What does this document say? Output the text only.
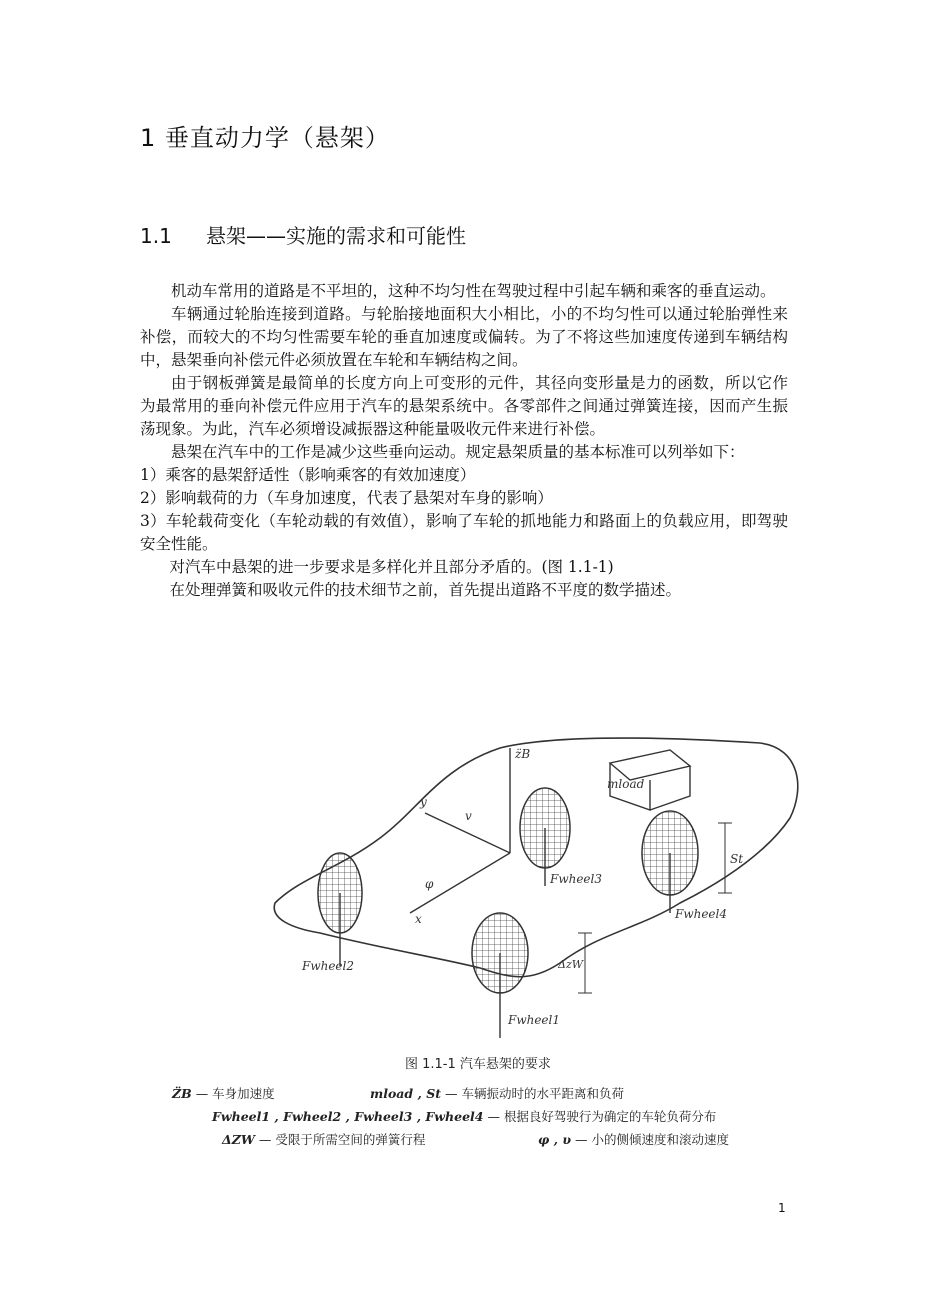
1 垂直动力学（悬架）
1.1 悬架——实施的需求和可能性

机动车常用的道路是不平坦的，这种不均匀性在驾驶过程中引起车辆和乘客的垂直运动。

车辆通过轮胎连接到道路。与轮胎接地面积大小相比，小的不均匀性可以通过轮胎弹性来补偿，而较大的不均匀性需要车轮的垂直加速度或偏转。为了不将这些加速度传递到车辆结构中，悬架垂向补偿元件必须放置在车轮和车辆结构之间。

由于钢板弹簧是最简单的长度方向上可变形的元件，其径向变形量是力的函数，所以它作为最常用的垂向补偿元件应用于汽车的悬架系统中。各零部件之间通过弹簧连接，因而产生振荡现象。为此，汽车必须增设减振器这种能量吸收元件来进行补偿。

悬架在汽车中的工作是减少这些垂向运动。规定悬架质量的基本标准可以列举如下：

1）乘客的悬架舒适性（影响乘客的有效加速度）

2）影响载荷的力（车身加速度，代表了悬架对车身的影响）

3）车轮载荷变化（车轮动载的有效值），影响了车轮的抓地能力和路面上的负载应用，即驾驶安全性能。

对汽车中悬架的进一步要求是多样化并且部分矛盾的。(图 1.1-1)

在处理弹簧和吸收元件的技术细节之前，首先提出道路不平度的数学描述。

mload
z̈B
y
v
x
φ
Fwheel2
Fwheel1
Fwheel3
Fwheel4
St
ΔzW
图 1.1-1 汽车悬架的要求
Z̈B — 车身加速度	mload , St — 车辆振动时的水平距离和负荷
Fwheel1 , Fwheel2 , Fwheel3 , Fwheel4 — 根据良好驾驶行为确定的车轮负荷分布
ΔZW — 受限于所需空间的弹簧行程	φ , υ — 小的侧倾速度和滚动速度
1
